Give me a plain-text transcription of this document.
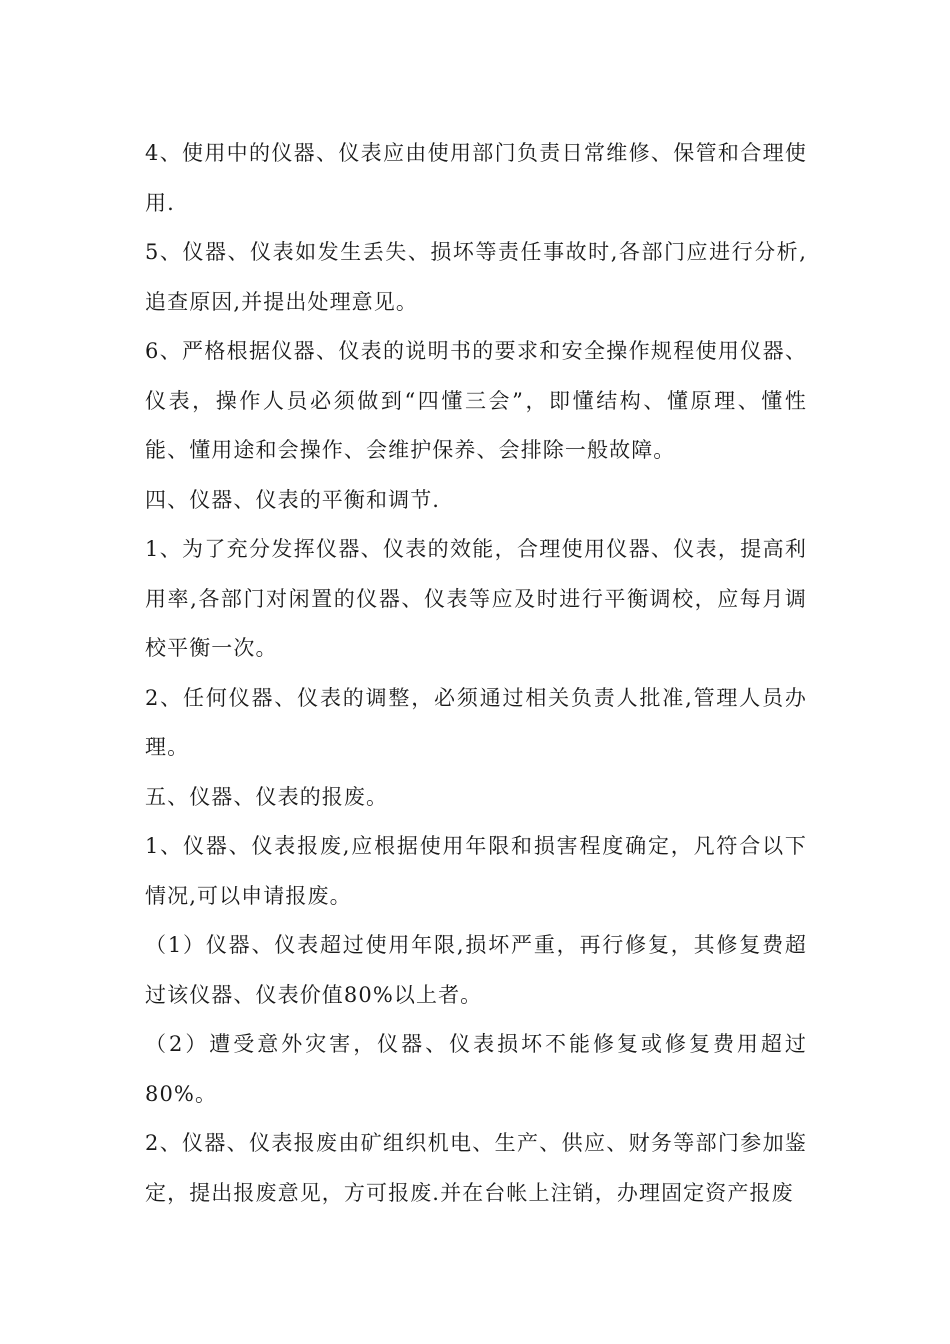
4、使用中的仪器、仪表应由使用部门负责日常维修、保管和合理使用.

5、仪器、仪表如发生丢失、损坏等责任事故时,各部门应进行分析,追查原因,并提出处理意见。

6、严格根据仪器、仪表的说明书的要求和安全操作规程使用仪器、仪表，操作人员必须做到“四懂三会”，即懂结构、懂原理、懂性能、懂用途和会操作、会维护保养、会排除一般故障。

四、仪器、仪表的平衡和调节.

1、为了充分发挥仪器、仪表的效能，合理使用仪器、仪表，提高利用率,各部门对闲置的仪器、仪表等应及时进行平衡调校，应每月调校平衡一次。

2、任何仪器、仪表的调整，必须通过相关负责人批准,管理人员办理。

五、仪器、仪表的报废。

1、仪器、仪表报废,应根据使用年限和损害程度确定，凡符合以下情况,可以申请报废。

（1）仪器、仪表超过使用年限,损坏严重，再行修复，其修复费超过该仪器、仪表价值80%以上者。

（2）遭受意外灾害，仪器、仪表损坏不能修复或修复费用超过80%。

2、仪器、仪表报废由矿组织机电、生产、供应、财务等部门参加鉴定，提出报废意见，方可报废.并在台帐上注销，办理固定资产报废
